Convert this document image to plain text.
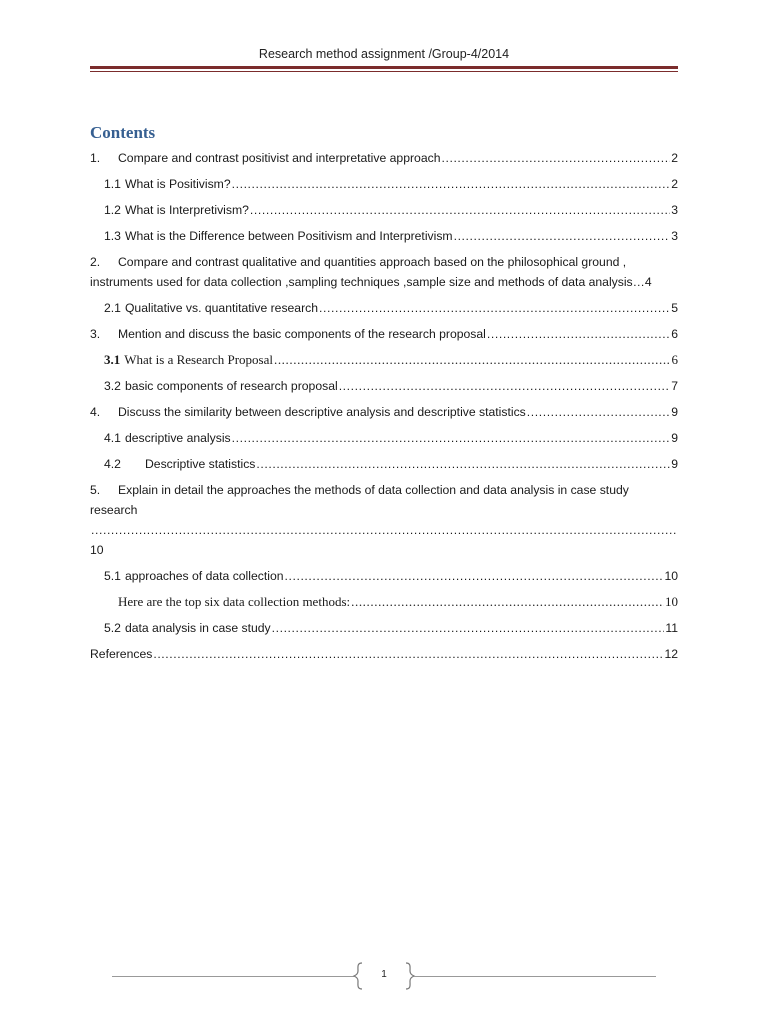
Research method assignment /Group-4/2014
Contents
1.	Compare and contrast positivist and interpretative approach .....	2
1.1 What is Positivism? .....	2
1.2 What is Interpretivism? .....	3
1.3 What is the Difference between Positivism and Interpretivism .....	3
2. Compare and contrast qualitative and quantities approach based on the philosophical ground ,
instruments used for data collection ,sampling techniques ,sample size and methods of data analysis… 4
2.1 Qualitative vs. quantitative research .....	5
3.	Mention and discuss the basic components of the research proposal .....	6
3.1 What is a Research Proposal .....	6
3.2 basic components of research proposal .....	7
4.	Discuss the similarity between descriptive analysis and descriptive statistics .....	9
4.1 descriptive analysis .....	9
4.2	Descriptive statistics .....	9
5. Explain in detail the approaches the methods of data collection and data analysis in case study
research
.....
10
5.1 approaches of data collection .....	10
Here are the top six data collection methods: .....	10
5.2 data analysis in case study .....	11
References .....	12
1
